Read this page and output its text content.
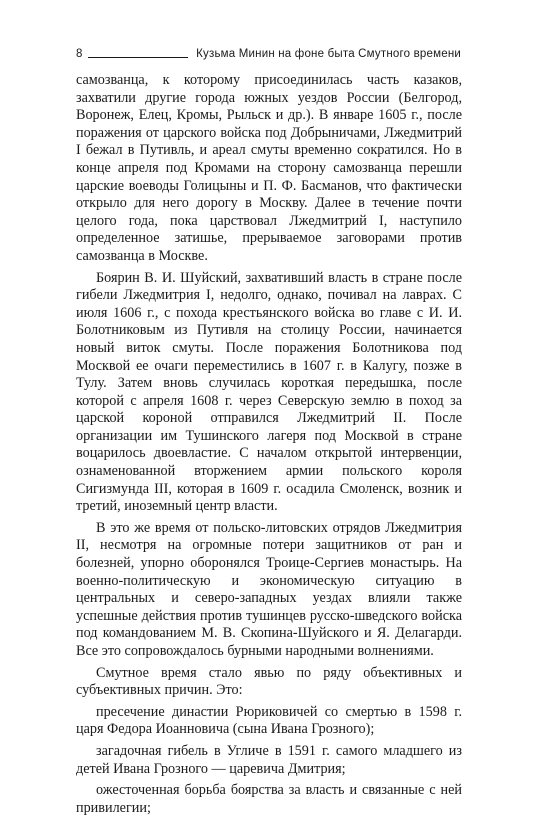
8	Кузьма Минин на фоне быта Смутного времени

самозванца, к которому присоединилась часть казаков, захватили другие города южных уездов России (Белгород, Воронеж, Елец, Кромы, Рыльск и др.). В январе 1605 г., после поражения от царского войска под Добрыничами, Лжедмитрий I бежал в Путивль, и ареал смуты временно сократился. Но в конце апреля под Кромами на сторону самозванца перешли царские воеводы Голицыны и П. Ф. Басманов, что фактически открыло для него дорогу в Москву. Далее в течение почти целого года, пока царствовал Лжедмитрий I, наступило определенное затишье, прерываемое заговорами против самозванца в Москве.

Боярин В. И. Шуйский, захвативший власть в стране после гибели Лжедмитрия I, недолго, однако, почивал на лаврах. С июля 1606 г., с похода крестьянского войска во главе с И. И. Болотниковым из Путивля на столицу России, начинается новый виток смуты. После поражения Болотникова под Москвой ее очаги переместились в 1607 г. в Калугу, позже в Тулу. Затем вновь случилась короткая передышка, после которой с апреля 1608 г. через Северскую землю в поход за царской короной отправился Лжедмитрий II. После организации им Тушинского лагеря под Москвой в стране воцарилось двоевластие. С началом открытой интервенции, ознаменованной вторжением армии польского короля Сигизмунда III, которая в 1609 г. осадила Смоленск, возник и третий, иноземный центр власти.

В это же время от польско-литовских отрядов Лжедмитрия II, несмотря на огромные потери защитников от ран и болезней, упорно оборонялся Троице-Сергиев монастырь. На военно-политическую и экономическую ситуацию в центральных и северо-западных уездах влияли также успешные действия против тушинцев русско-шведского войска под командованием М. В. Скопина-Шуйского и Я. Делагарди. Все это сопровождалось бурными народными волнениями.

Смутное время стало явью по ряду объективных и субъективных причин. Это:

пресечение династии Рюриковичей со смертью в 1598 г. царя Федора Иоанновича (сына Ивана Грозного);

загадочная гибель в Угличе в 1591 г. самого младшего из детей Ивана Грозного — царевича Дмитрия;

ожесточенная борьба боярства за власть и связанные с ней привилегии;
